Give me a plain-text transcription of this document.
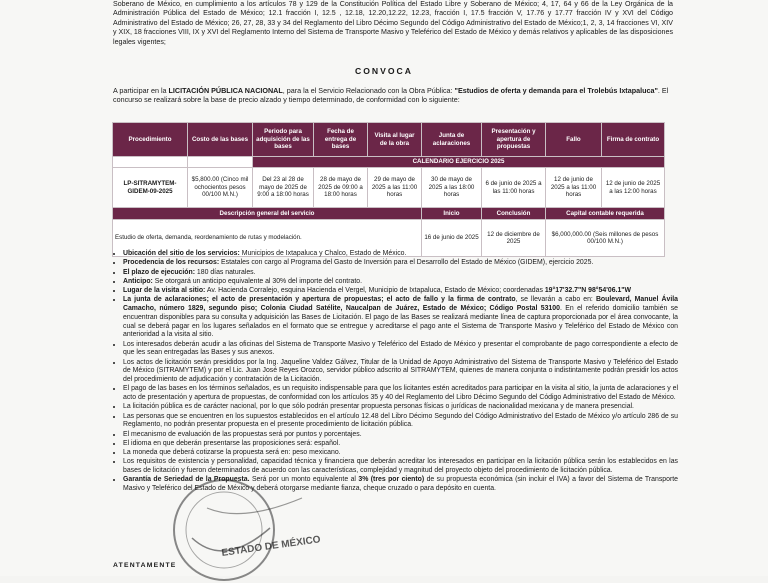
Soberano de México, en cumplimiento a los artículos 78 y 129 de la Constitución Política del Estado Libre y Soberano de México; 4, 17, 64 y 66 de la Ley Orgánica de la Administración Pública del Estado de México; 12.1 fracción I, 12.5 , 12.18, 12.20,12.22, 12.23, fracción I, 17.5 fracción V, 17.76 y 17.77 fracción IV y XVI del Código Administrativo del Estado de México; 26, 27, 28, 33 y 34 del Reglamento del Libro Décimo Segundo del Código Administrativo del Estado de México;1, 2, 3, 14 fracciones VI, XIV y XIX, 18 fracciones VIII, IX y XVI del Reglamento Interno del Sistema de Transporte Masivo y Teleférico del Estado de México y demás relativos y aplicables de las disposiciones legales vigentes;
CONVOCA
A participar en la LICITACIÓN PÚBLICA NACIONAL, para la el Servicio Relacionado con la Obra Pública: "Estudios de oferta y demanda para el Trolebús Ixtapaluca". El concurso se realizará sobre la base de precio alzado y tiempo determinado, de conformidad con lo siguiente:
Procedimiento	Costo de las bases	Periodo para adquisición de las bases	Fecha de entrega de bases	Visita al lugar de la obra	Junta de aclaraciones	Presentación y apertura de propuestas	Fallo	Firma de contrato
		CALENDARIO EJERCICIO 2025						
LP-SITRAMYTEM-GIDEM-09-2025	$5,800.00 (Cinco mil ochocientos pesos 00/100 M.N.)	Del 23 al 28 de mayo de 2025 de 9:00 a 18:00 horas	28 de mayo de 2025 de 09:00 a 18:00 horas	29 de mayo de 2025 a las 11:00 horas	30 de mayo de 2025 a las 18:00 horas	6 de junio de 2025 a las 11:00 horas	12 de junio de 2025 a las 11:00 horas	12 de junio de 2025 a las 12:00 horas
Descripción general del servicio					Inicio	Conclusión	Capital contable requerida	
Estudio de oferta, demanda, reordenamiento de rutas y modelación.					16 de junio de 2025	12 de diciembre de 2025	$6,000,000.00 (Seis millones de pesos 00/100 M.N.)	
• Ubicación del sitio de los servicios: Municipios de Ixtapaluca y Chalco, Estado de México.
• Procedencia de los recursos: Estatales con cargo al Programa del Gasto de Inversión para el Desarrollo del Estado de México (GIDEM), ejercicio 2025.
• El plazo de ejecución: 180 días naturales.
• Anticipo: Se otorgará un anticipo equivalente al 30% del importe del contrato.
• Lugar de la visita al sitio: Av. Hacienda Corralejo, esquina Hacienda el Vergel, Municipio de Ixtapaluca, Estado de México; coordenadas 19°17'32.7"N 98°54'06.1"W
• La junta de aclaraciones; el acto de presentación y apertura de propuestas; el acto de fallo y la firma de contrato, se llevarán a cabo en: Boulevard, Manuel Ávila Camacho, número 1829, segundo piso; Colonia Ciudad Satélite, Naucalpan de Juárez, Estado de México; Código Postal 53100. En el referido domicilio también se encuentran disponibles para su consulta y adquisición las Bases de Licitación. El pago de las Bases se realizará mediante línea de captura proporcionada por el área convocante, la cual se deberá pagar en los lugares señalados en el formato que se entregue y acreditarse el pago ante el Sistema de Transporte Masivo y Teleférico del Estado de México con anterioridad a la visita al sitio.
• Los interesados deberán acudir a las oficinas del Sistema de Transporte Masivo y Teleférico del Estado de México y presentar el comprobante de pago correspondiente a efecto de que les sean entregadas las Bases y sus anexos.
• Los actos de licitación serán presididos por la Ing. Jaqueline Valdez Gálvez, Titular de la Unidad de Apoyo Administrativo del Sistema de Transporte Masivo y Teleférico del Estado de México (SITRAMYTEM) y por el Lic. Juan José Reyes Orozco, servidor público adscrito al SITRAMYTEM, quienes de manera conjunta o indistintamente podrán presidir los actos del procedimiento de adjudicación y contratación de la Licitación.
• El pago de las bases en los términos señalados, es un requisito indispensable para que los licitantes estén acreditados para participar en la visita al sitio, la junta de aclaraciones y el acto de presentación y apertura de propuestas, de conformidad con los artículos 35 y 40 del Reglamento del Libro Décimo Segundo del Código Administrativo del Estado de México.
• La licitación pública es de carácter nacional, por lo que sólo podrán presentar propuesta personas físicas o jurídicas de nacionalidad mexicana y de manera presencial.
• Las personas que se encuentren en los supuestos establecidos en el artículo 12.48 del Libro Décimo Segundo del Código Administrativo del Estado de México y/o artículo 286 de su Reglamento, no podrán presentar propuesta en el presente procedimiento de licitación pública.
• El mecanismo de evaluación de las propuestas será por puntos y porcentajes.
• El idioma en que deberán presentarse las proposiciones será: español.
• La moneda que deberá cotizarse la propuesta será en: peso mexicano.
• Los requisitos de existencia y personalidad, capacidad técnica y financiera que deberán acreditar los interesados en participar en la licitación pública serán los establecidos en las bases de licitación y fueron determinados de acuerdo con las características, complejidad y magnitud del proyecto objeto del procedimiento de licitación pública.
• Garantía de Seriedad de la Propuesta. Será por un monto equivalente al 3% (tres por ciento) de su propuesta económica (sin incluir el IVA) a favor del Sistema de Transporte Masivo y Teleférico del Estado de México y deberá otorgarse mediante fianza, cheque cruzado o para depósito en cuenta.
ATENTAMENTE
ESTADO DE MÉXICO
